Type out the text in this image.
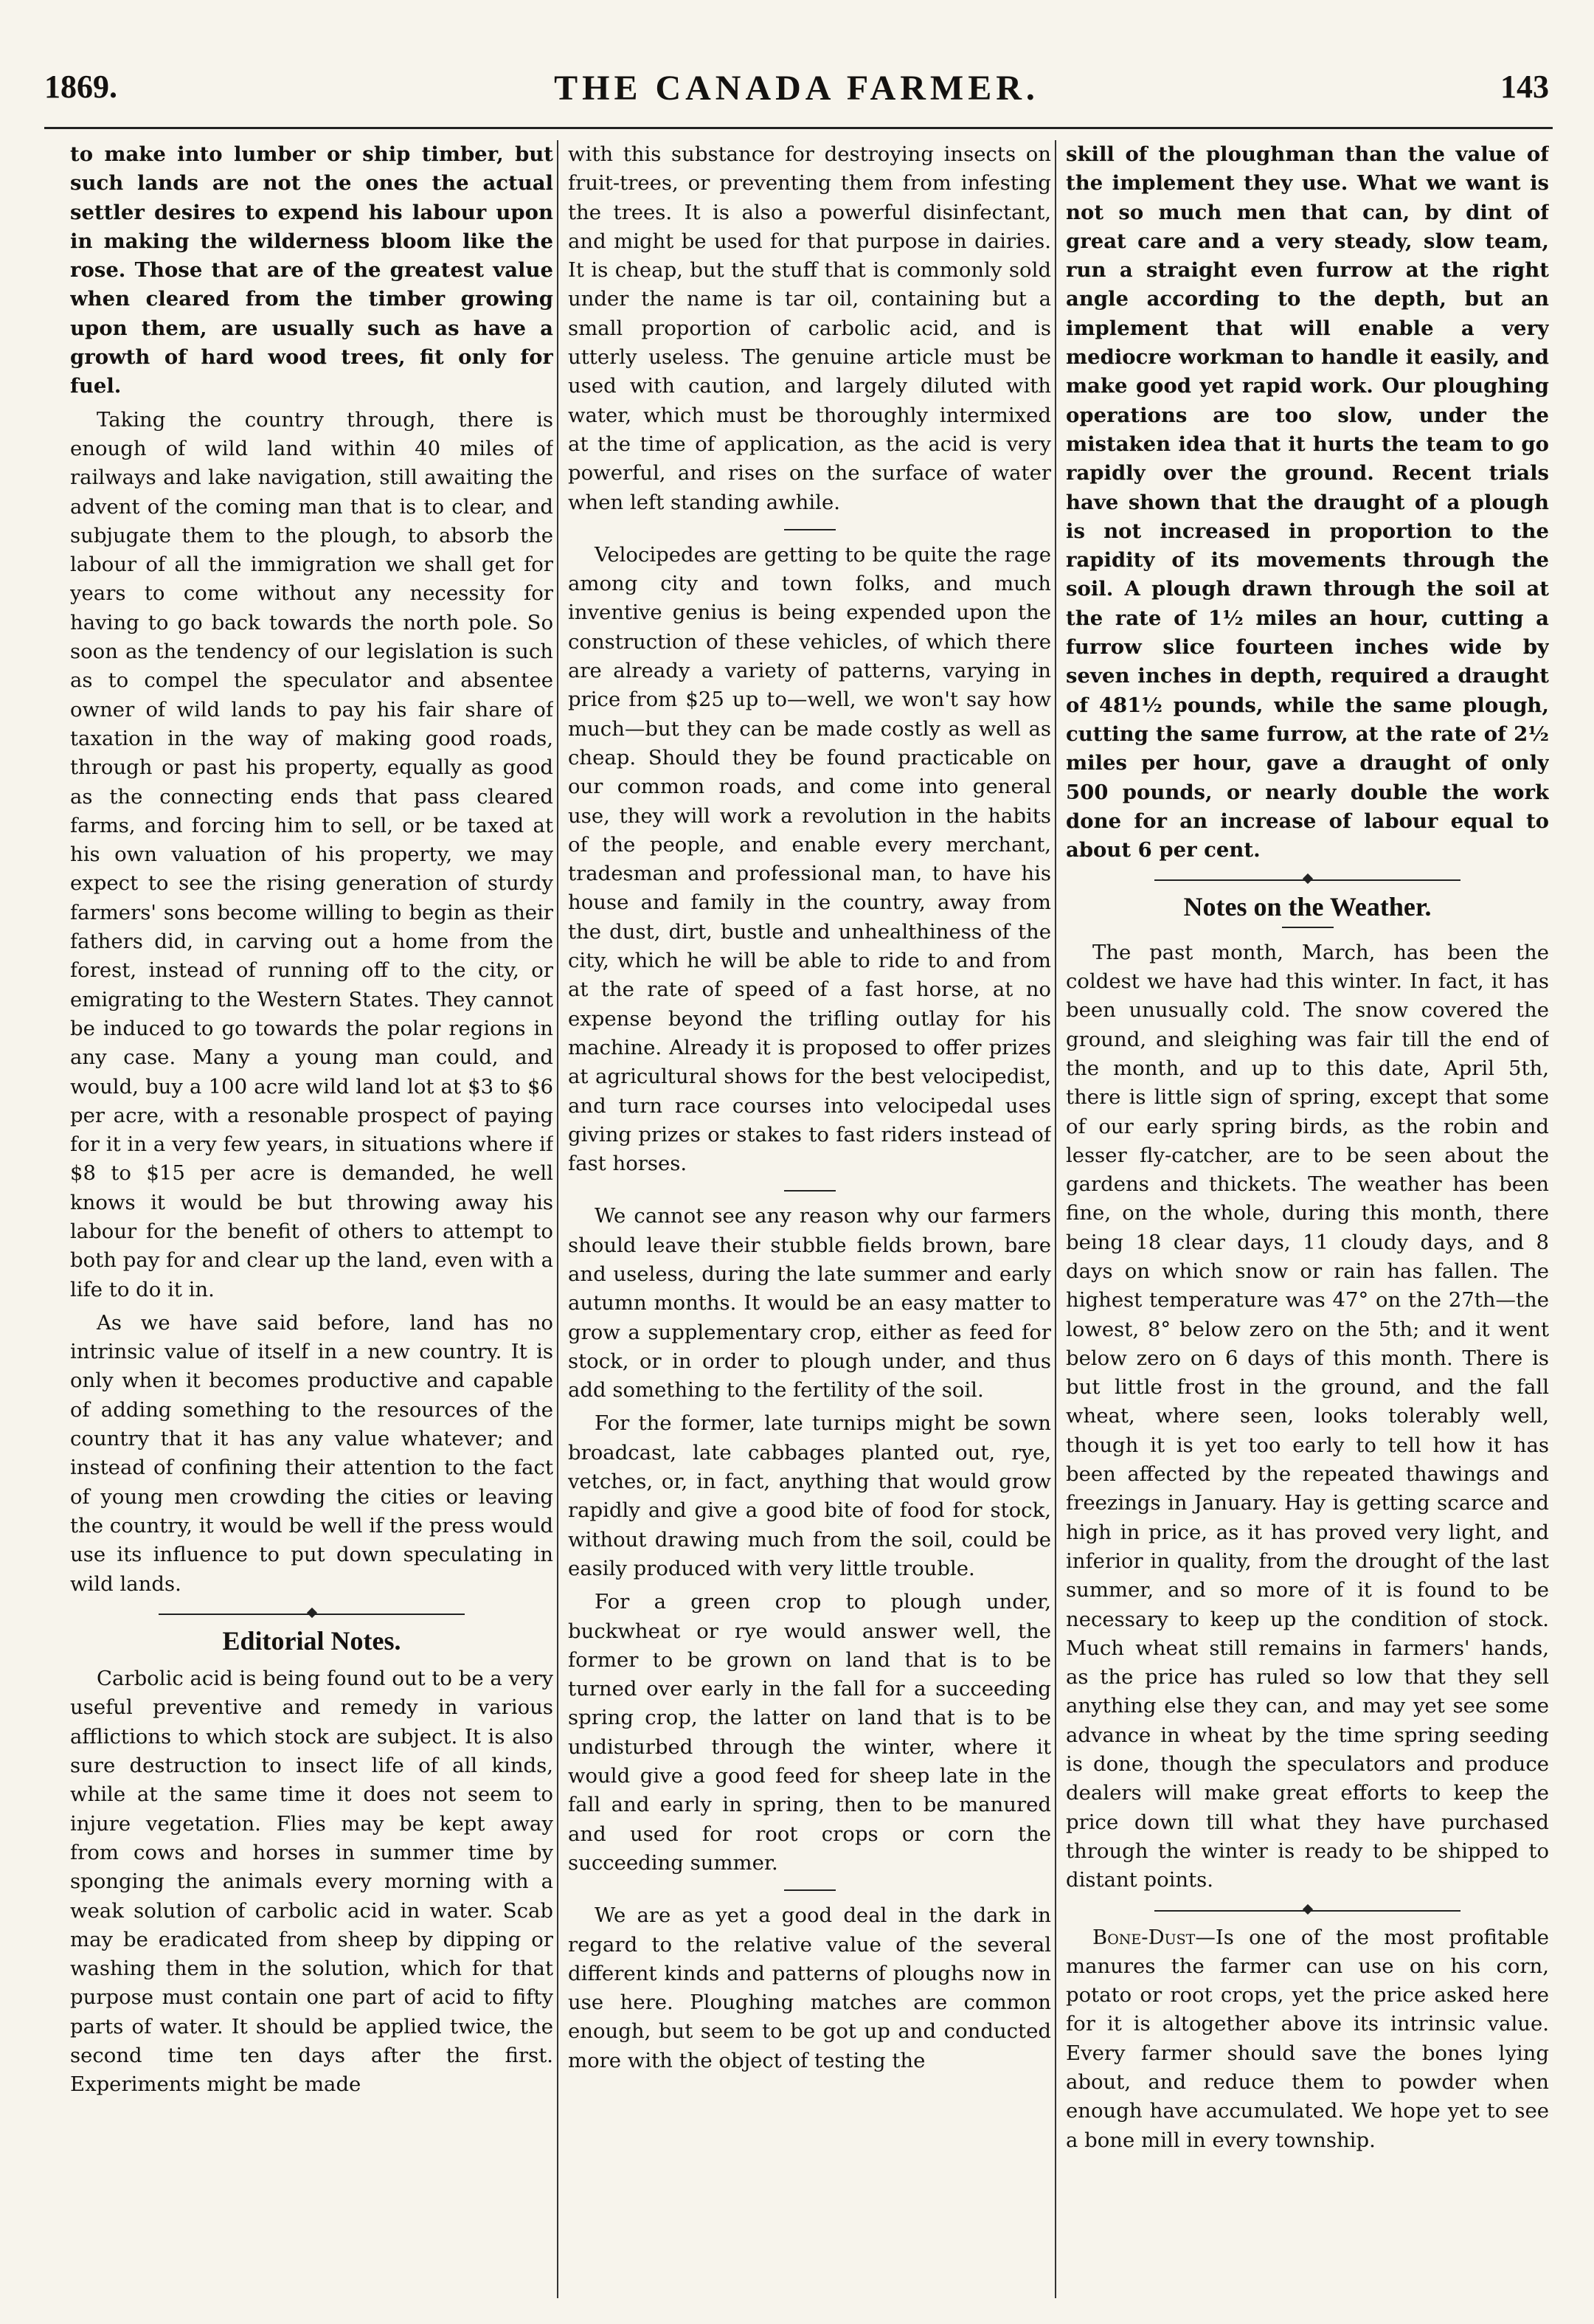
1869.	THE CANADA FARMER.	143

to make into lumber or ship timber, but such lands are not the ones the actual settler desires to expend his labour upon in making the wilderness bloom like the rose. Those that are of the greatest value when cleared from the timber growing upon them, are usually such as have a growth of hard wood trees, fit only for fuel.

Taking the country through, there is enough of wild land within 40 miles of railways and lake navigation, still awaiting the advent of the coming man that is to clear, and subjugate them to the plough, to absorb the labour of all the immigration we shall get for years to come without any necessity for having to go back towards the north pole. So soon as the tendency of our legislation is such as to compel the speculator and absentee owner of wild lands to pay his fair share of taxation in the way of making good roads, through or past his property, equally as good as the connecting ends that pass cleared farms, and forcing him to sell, or be taxed at his own valuation of his property, we may expect to see the rising generation of sturdy farmers' sons become willing to begin as their fathers did, in carving out a home from the forest, instead of running off to the city, or emigrating to the Western States. They cannot be induced to go towards the polar regions in any case. Many a young man could, and would, buy a 100 acre wild land lot at $3 to $6 per acre, with a resonable prospect of paying for it in a very few years, in situations where if $8 to $15 per acre is demanded, he well knows it would be but throwing away his labour for the benefit of others to attempt to both pay for and clear up the land, even with a life to do it in.

As we have said before, land has no intrinsic value of itself in a new country. It is only when it becomes productive and capable of adding something to the resources of the country that it has any value whatever; and instead of confining their attention to the fact of young men crowding the cities or leaving the country, it would be well if the press would use its influence to put down speculating in wild lands.

Editorial Notes.

Carbolic acid is being found out to be a very useful preventive and remedy in various afflictions to which stock are subject. It is also sure destruction to insect life of all kinds, while at the same time it does not seem to injure vegetation. Flies may be kept away from cows and horses in summer time by sponging the animals every morning with a weak solution of carbolic acid in water. Scab may be eradicated from sheep by dipping or washing them in the solution, which for that purpose must contain one part of acid to fifty parts of water. It should be applied twice, the second time ten days after the first. Experiments might be made

with this substance for destroying insects on fruit-trees, or preventing them from infesting the trees. It is also a powerful disinfectant, and might be used for that purpose in dairies. It is cheap, but the stuff that is commonly sold under the name is tar oil, containing but a small proportion of carbolic acid, and is utterly useless. The genuine article must be used with caution, and largely diluted with water, which must be thoroughly intermixed at the time of application, as the acid is very powerful, and rises on the surface of water when left standing awhile.

Velocipedes are getting to be quite the rage among city and town folks, and much inventive genius is being expended upon the construction of these vehicles, of which there are already a variety of patterns, varying in price from $25 up to—well, we won't say how much—but they can be made costly as well as cheap. Should they be found practicable on our common roads, and come into general use, they will work a revolution in the habits of the people, and enable every merchant, tradesman and professional man, to have his house and family in the country, away from the dust, dirt, bustle and unhealthiness of the city, which he will be able to ride to and from at the rate of speed of a fast horse, at no expense beyond the trifling outlay for his machine. Already it is proposed to offer prizes at agricultural shows for the best velocipedist, and turn race courses into velocipedal uses giving prizes or stakes to fast riders instead of fast horses.

We cannot see any reason why our farmers should leave their stubble fields brown, bare and useless, during the late summer and early autumn months. It would be an easy matter to grow a supplementary crop, either as feed for stock, or in order to plough under, and thus add something to the fertility of the soil.

For the former, late turnips might be sown broadcast, late cabbages planted out, rye, vetches, or, in fact, anything that would grow rapidly and give a good bite of food for stock, without drawing much from the soil, could be easily produced with very little trouble.

For a green crop to plough under, buckwheat or rye would answer well, the former to be grown on land that is to be turned over early in the fall for a succeeding spring crop, the latter on land that is to be undisturbed through the winter, where it would give a good feed for sheep late in the fall and early in spring, then to be manured and used for root crops or corn the succeeding summer.

We are as yet a good deal in the dark in regard to the relative value of the several different kinds and patterns of ploughs now in use here. Ploughing matches are common enough, but seem to be got up and conducted more with the object of testing the

skill of the ploughman than the value of the implement they use. What we want is not so much men that can, by dint of great care and a very steady, slow team, run a straight even furrow at the right angle according to the depth, but an implement that will enable a very mediocre workman to handle it easily, and make good yet rapid work. Our ploughing operations are too slow, under the mistaken idea that it hurts the team to go rapidly over the ground. Recent trials have shown that the draught of a plough is not increased in proportion to the rapidity of its movements through the soil. A plough drawn through the soil at the rate of 1½ miles an hour, cutting a furrow slice fourteen inches wide by seven inches in depth, required a draught of 481½ pounds, while the same plough, cutting the same furrow, at the rate of 2½ miles per hour, gave a draught of only 500 pounds, or nearly double the work done for an increase of labour equal to about 6 per cent.

Notes on the Weather.

The past month, March, has been the coldest we have had this winter. In fact, it has been unusually cold. The snow covered the ground, and sleighing was fair till the end of the month, and up to this date, April 5th, there is little sign of spring, except that some of our early spring birds, as the robin and lesser fly-catcher, are to be seen about the gardens and thickets. The weather has been fine, on the whole, during this month, there being 18 clear days, 11 cloudy days, and 8 days on which snow or rain has fallen. The highest temperature was 47° on the 27th—the lowest, 8° below zero on the 5th; and it went below zero on 6 days of this month. There is but little frost in the ground, and the fall wheat, where seen, looks tolerably well, though it is yet too early to tell how it has been affected by the repeated thawings and freezings in January. Hay is getting scarce and high in price, as it has proved very light, and inferior in quality, from the drought of the last summer, and so more of it is found to be necessary to keep up the condition of stock. Much wheat still remains in farmers' hands, as the price has ruled so low that they sell anything else they can, and may yet see some advance in wheat by the time spring seeding is done, though the speculators and produce dealers will make great efforts to keep the price down till what they have purchased through the winter is ready to be shipped to distant points.

Bone-Dust—Is one of the most profitable manures the farmer can use on his corn, potato or root crops, yet the price asked here for it is altogether above its intrinsic value. Every farmer should save the bones lying about, and reduce them to powder when enough have accumulated. We hope yet to see a bone mill in every township.
